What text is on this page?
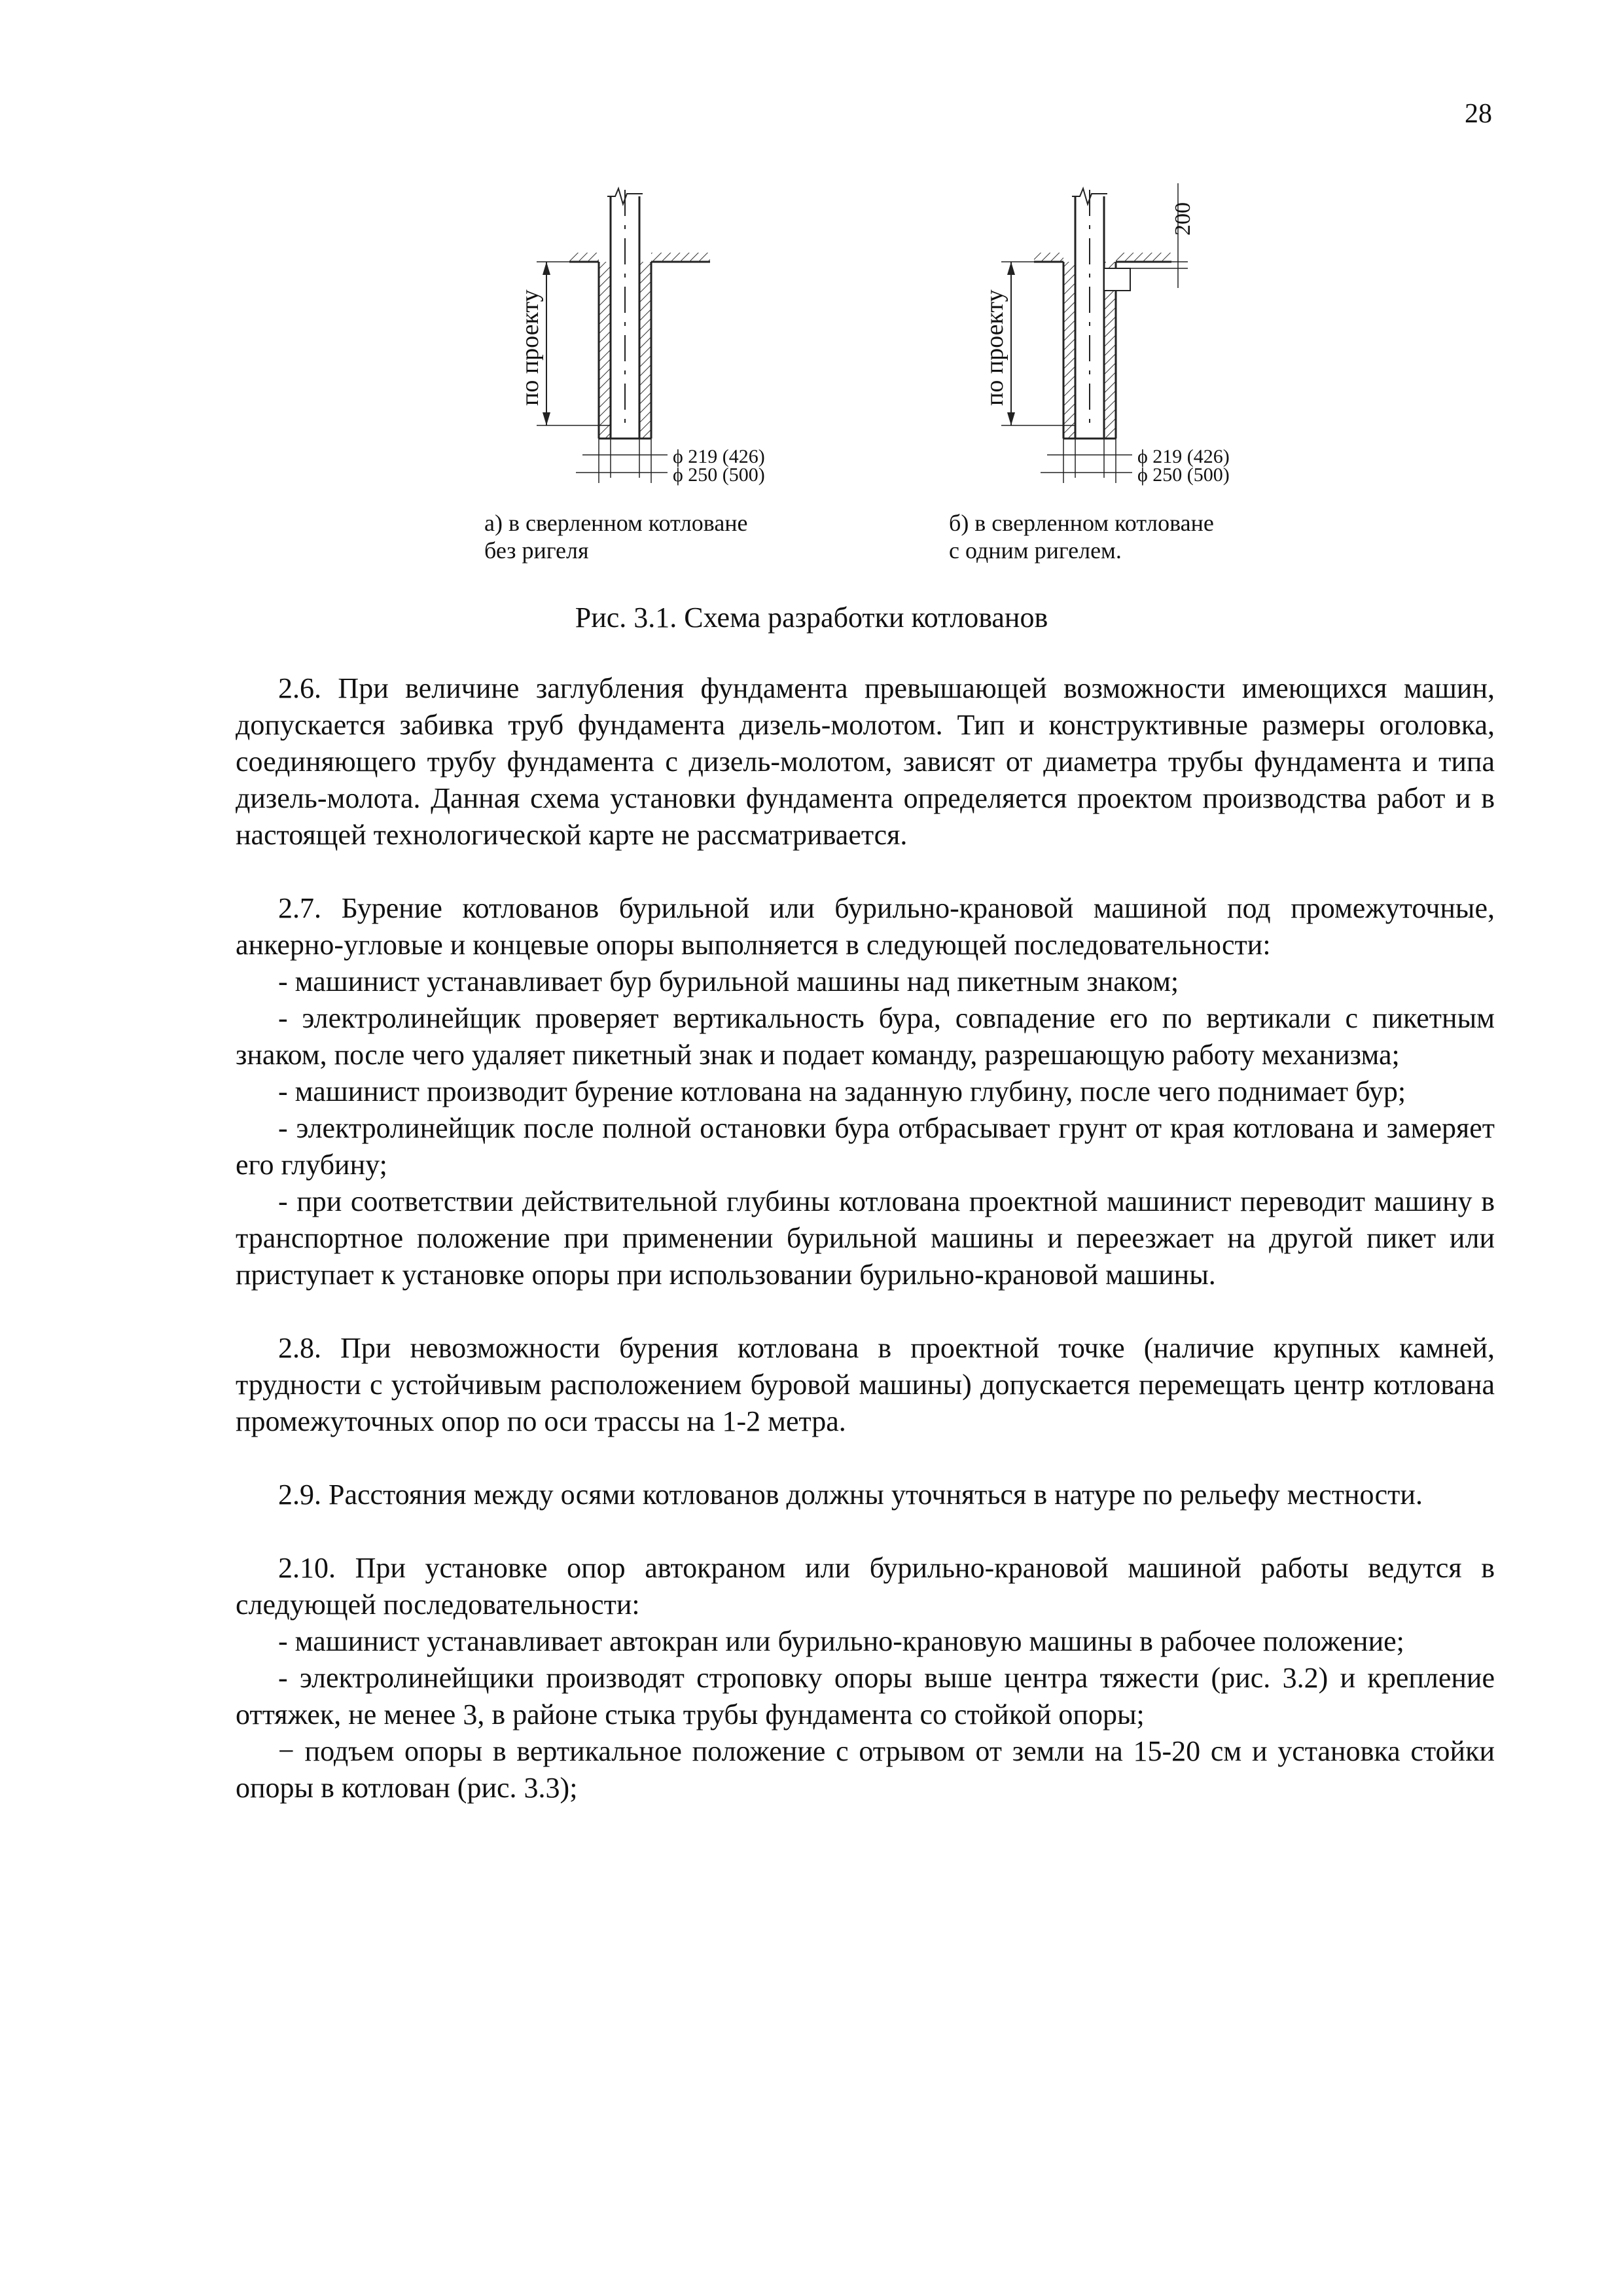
28
по проекту
ϕ 219 (426)
ϕ 250 (500)
200
по проекту
ϕ 219 (426)
ϕ 250 (500)
а) в сверленном котловане
без ригеля
б) в сверленном котловане
с одним ригелем.
Рис. 3.1. Схема разработки котлованов

2.6. При величине заглубления фундамента превышающей возможности имеющихся машин, допускается забивка труб фундамента дизель-молотом. Тип и конструктивные размеры оголовка, соединяющего трубу фундамента с дизель-молотом, зависят от диаметра трубы фундамента и типа дизель-молота. Данная схема установки фундамента определяется проектом производства работ и в настоящей технологической карте не рассматривается.

2.7. Бурение котлованов бурильной или бурильно-крановой машиной под промежуточные, анкерно-угловые и концевые опоры выполняется в следующей последовательности:

- машинист устанавливает бур бурильной машины над пикетным знаком;

- электролинейщик проверяет вертикальность бура, совпадение его по вертикали с пикетным знаком, после чего удаляет пикетный знак и подает команду, разрешающую работу механизма;

- машинист производит бурение котлована на заданную глубину, после чего поднимает бур;

- электролинейщик после полной остановки бура отбрасывает грунт от края котлована и замеряет его глубину;

- при соответствии действительной глубины котлована проектной машинист переводит машину в транспортное положение при применении бурильной машины и переезжает на другой пикет или приступает к установке опоры при использовании бурильно-крановой машины.

2.8. При невозможности бурения котлована в проектной точке (наличие крупных камней, трудности с устойчивым расположением буровой машины) допускается перемещать центр котлована промежуточных опор по оси трассы на 1-2 метра.

2.9. Расстояния между осями котлованов должны уточняться в натуре по рельефу местности.

2.10. При установке опор автокраном или бурильно-крановой машиной работы ведутся в следующей последовательности:

- машинист устанавливает автокран или бурильно-крановую машины в рабочее положение;

- электролинейщики производят строповку опоры выше центра тяжести (рис. 3.2) и крепление оттяжек, не менее 3, в районе стыка трубы фундамента со стойкой опоры;

− подъем опоры в вертикальное положение с отрывом от земли на 15-20 см и установка стойки опоры в котлован (рис. 3.3);
